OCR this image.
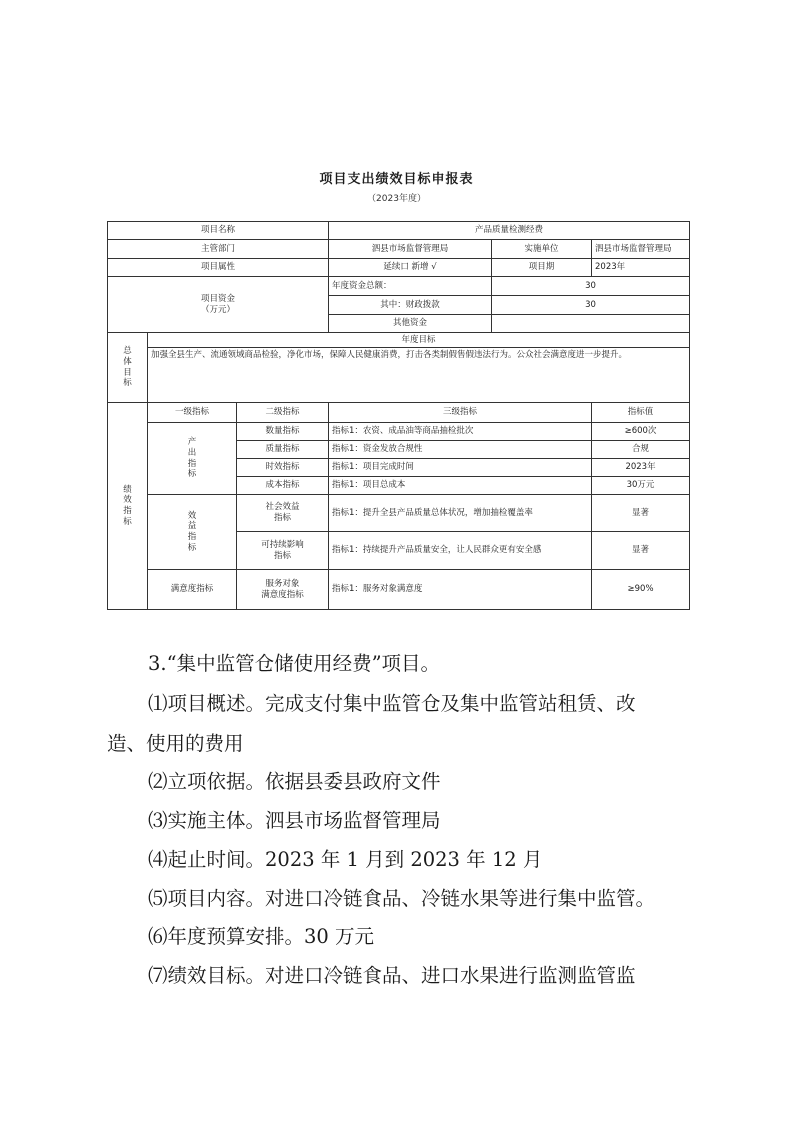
项目支出绩效目标申报表
（2023年度）
项目名称			产品质量检测经费		
主管部门			泗县市场监督管理局	实施单位	泗县市场监督管理局
项目属性			延续口 新增 √	项目期	2023年
项目资金
（万元）			年度资金总额：	30	
			其中：财政拨款	30	
			其他资金		
总
体
目
标	年度目标				
	加强全县生产、流通领域商品检验，净化市场，保障人民健康消费，打击各类制假售假违法行为。公众社会满意度进一步提升。				
绩
效
指
标	一级指标	二级指标	三级指标		指标值
	产
出
指
标	数量指标	指标1：农资、成品油等商品抽检批次		≥600次
		质量指标	指标1：资金发放合规性		合规
		时效指标	指标1：项目完成时间		2023年
		成本指标	指标1：项目总成本		30万元
	效
益
指
标	社会效益
指标	指标1：提升全县产品质量总体状况，增加抽检覆盖率		显著
		可持续影响
指标	指标1：持续提升产品质量安全，让人民群众更有安全感		显著
	满意度指标	服务对象
满意度指标	指标1：服务对象满意度		≥90%
3.“集中监管仓储使用经费”项目。
⑴项目概述。完成支付集中监管仓及集中监管站租赁、改
造、使用的费用
⑵立项依据。依据县委县政府文件
⑶实施主体。泗县市场监督管理局
⑷起止时间。2023 年 1 月到 2023 年 12 月
⑸项目内容。对进口冷链食品、冷链水果等进行集中监管。
⑹年度预算安排。30 万元
⑺绩效目标。对进口冷链食品、进口水果进行监测监管监
